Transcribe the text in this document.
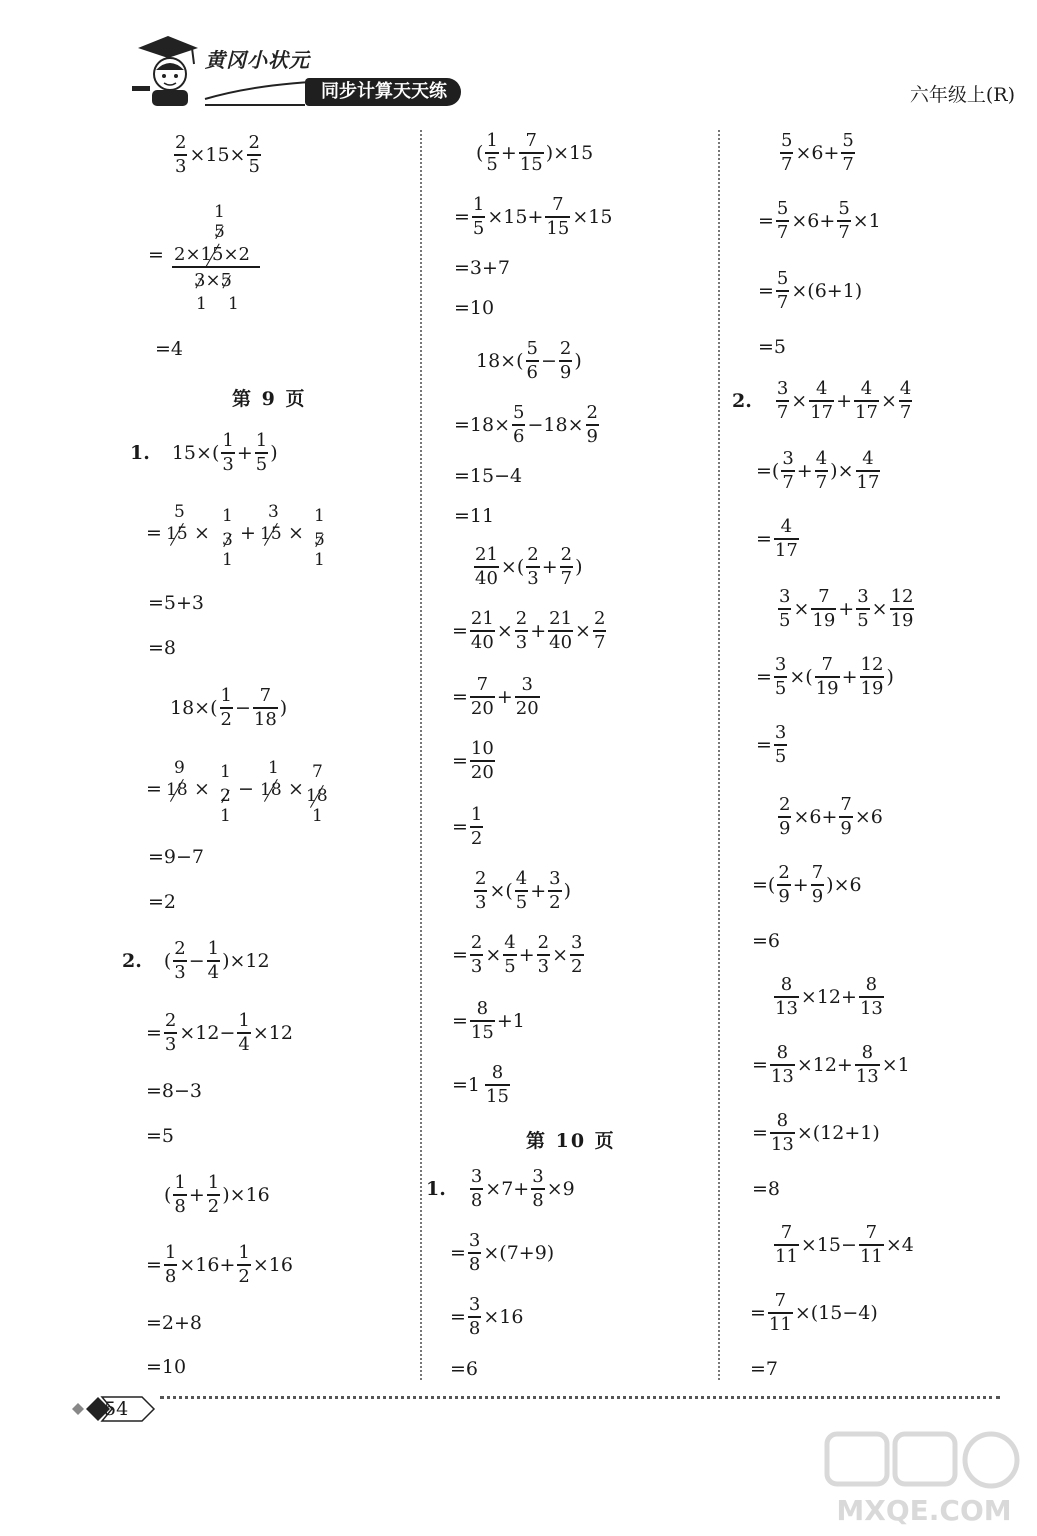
黄冈小状元
同步计算天天练	六年级上(R)
2
3
×15×
2
5
1
5
= 2×15×2
3×5
1 1
=4
第 9 页
1. 15×(
1
3
+
1
5
)
=
5
15 ×
1
3
1
+
3
15 ×
1
5
1
=5+3
=8
18×(
1
2
−
7
18
)
=
9
18 ×
1
2
1
−
1
18 ×
7
18
1
=9−7
=2
2. (
2
3
−
1
4
)×12
=
2
3
×12−
1
4
×12
=8−3
=5
(
1
8
+
1
2
)×16
=
1
8
×16+
1
2
×16
=2+8
=10
(
1
5
+
7
15
)×15
=
1
5
×15+
7
15
×15
=3+7
=10
18×(
5
6
−
2
9
)
=18×
5
6
−18×
2
9
=15−4
=11
21
40
×(
2
3
+
2
7
)
=
21
40
×
2
3
+
21
40
×
2
7
=
7
20
+
3
20
=
10
20
=
1
2
2
3
×(
4
5
+
3
2
)
=
2
3
×
4
5
+
2
3
×
3
2
=
8
15
+1
= 1
8
15
第 10 页
1.
3
8
×7+
3
8
×9
=
3
8
× (7+9)
=
3
8
×16
=6
5
7
×6+
5
7
=
5
7
×6+
5
7
×1
=
5
7
× (6+1)
=5
2.
3
7
×
4
17
+
4
17
×
4
7
=(
3
7
+
4
7
)×
4
17
=
4
17
3
5
×
7
19
+
3
5
×
12
19
=
3
5
×(
7
19
+
12
19
)
=
3
5
2
9
×6+
7
9
×6
=(
2
9
+
7
9
)×6
=6
8
13
×12+
8
13
=
8
13
×12+
8
13
×1
=
8
13
× (12+1)
=8
7
11
×15−
7
11
×4
=
7
11
× (15−4)
=7
54
MXQE.COM
